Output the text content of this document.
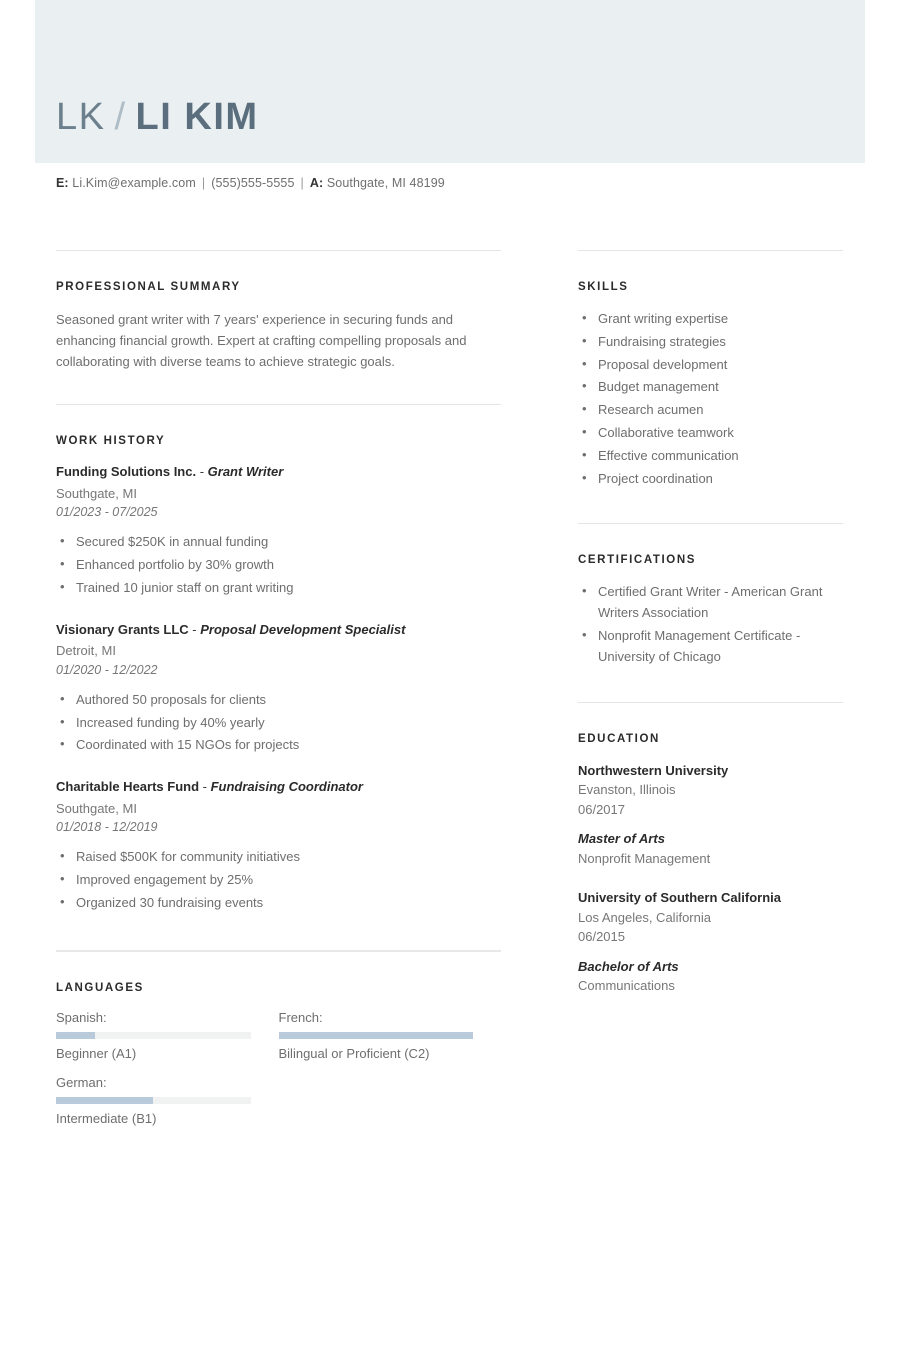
LK / LI KIM
E: Li.Kim@example.com | (555)555-5555 | A: Southgate, MI 48199
PROFESSIONAL SUMMARY
Seasoned grant writer with 7 years' experience in securing funds and enhancing financial growth. Expert at crafting compelling proposals and collaborating with diverse teams to achieve strategic goals.
WORK HISTORY
Funding Solutions Inc. - Grant Writer
Southgate, MI
01/2023 - 07/2025
• Secured $250K in annual funding
• Enhanced portfolio by 30% growth
• Trained 10 junior staff on grant writing
Visionary Grants LLC - Proposal Development Specialist
Detroit, MI
01/2020 - 12/2022
• Authored 50 proposals for clients
• Increased funding by 40% yearly
• Coordinated with 15 NGOs for projects
Charitable Hearts Fund - Fundraising Coordinator
Southgate, MI
01/2018 - 12/2019
• Raised $500K for community initiatives
• Improved engagement by 25%
• Organized 30 fundraising events
LANGUAGES
Spanish:
Beginner (A1)
French:
Bilingual or Proficient (C2)
German:
Intermediate (B1)
SKILLS
• Grant writing expertise
• Fundraising strategies
• Proposal development
• Budget management
• Research acumen
• Collaborative teamwork
• Effective communication
• Project coordination
CERTIFICATIONS
• Certified Grant Writer - American Grant Writers Association
• Nonprofit Management Certificate - University of Chicago
EDUCATION
Northwestern University
Evanston, Illinois
06/2017
Master of Arts
Nonprofit Management
University of Southern California
Los Angeles, California
06/2015
Bachelor of Arts
Communications
